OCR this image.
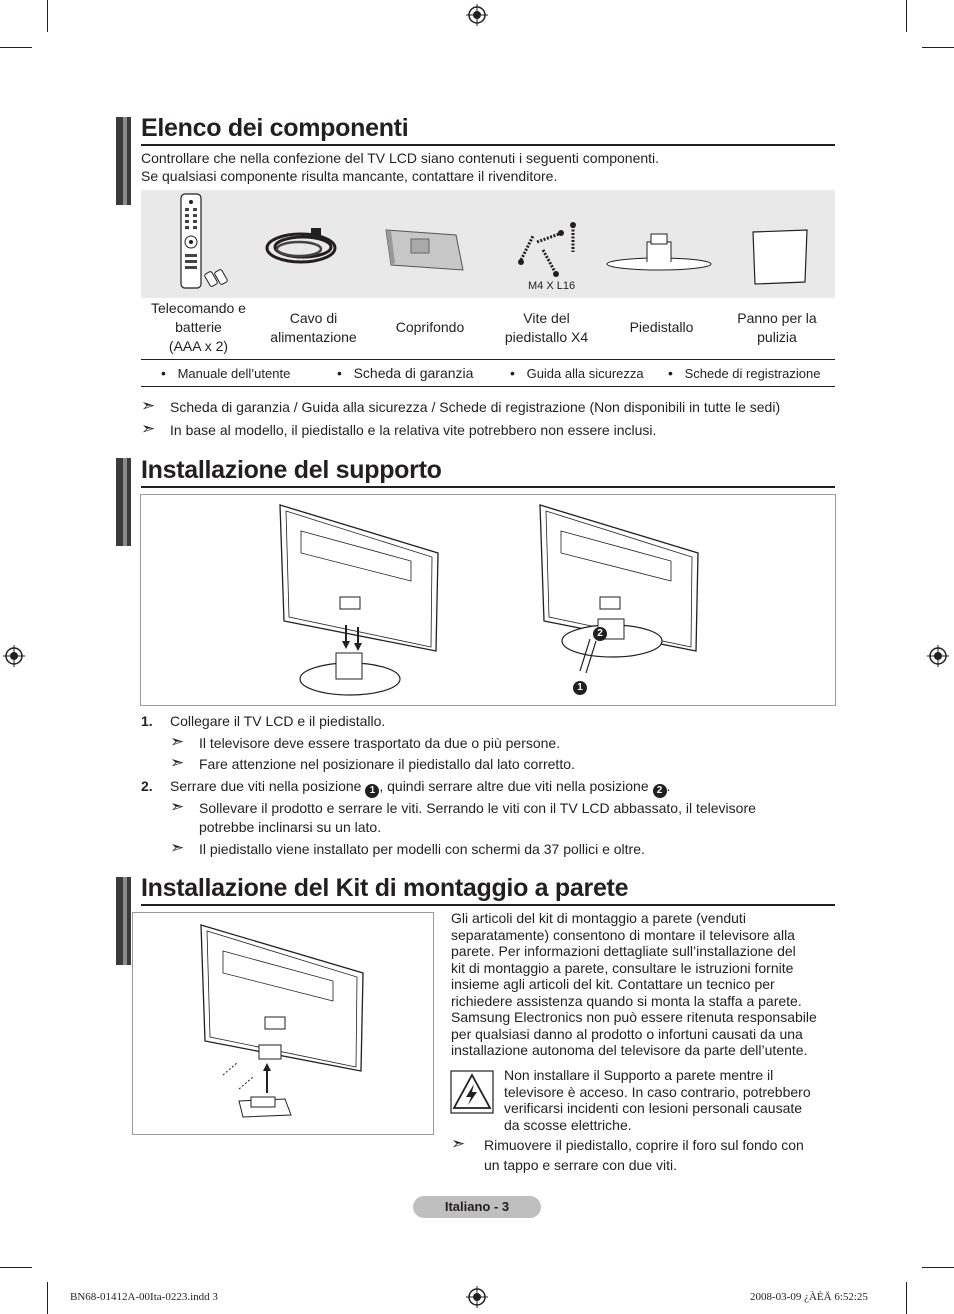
Elenco dei componenti
Controllare che nella confezione del TV LCD siano contenuti i seguenti componenti.
Se qualsiasi componente risulta mancante, contattare il rivenditore.
M4 X L16
Telecomando e
batterie
(AAA x 2)
Cavo di
alimentazione
Coprifondo
Vite del
piedistallo X4
Piedistallo
Panno per la
pulizia
•   Manuale dell’utente	•   Scheda di garanzia	•   Guida alla sicurezza •   Schede di registrazione
➣ Scheda di garanzia / Guida alla sicurezza / Schede di registrazione (Non disponibili in tutte le sedi)
➣ In base al modello, il piedistallo e la relativa vite potrebbero non essere inclusi.
Installazione del supporto
2
1
1. Collegare il TV LCD e il piedistallo.
➣ Il televisore deve essere trasportato da due o più persone.
➣ Fare attenzione nel posizionare il piedistallo dal lato corretto.
2. Serrare due viti nella posizione 1 , quindi serrare altre due viti nella posizione 2 .
➣ Sollevare il prodotto e serrare le viti. Serrando le viti con il TV LCD abbassato, il televisore
potrebbe inclinarsi su un lato.
➣ Il piedistallo viene installato per modelli con schermi da 37 pollici e oltre.
Installazione del Kit di montaggio a parete
Gli articoli del kit di montaggio a parete (venduti
separatamente) consentono di montare il televisore alla
parete. Per informazioni dettagliate sull’installazione del
kit di montaggio a parete, consultare le istruzioni fornite
insieme agli articoli del kit. Contattare un tecnico per
richiedere assistenza quando si monta la staffa a parete.
Samsung Electronics non può essere ritenuta responsabile
per qualsiasi danno al prodotto o infortuni causati da una
installazione autonoma del televisore da parte dell’utente.
Non installare il Supporto a parete mentre il
televisore è acceso. In caso contrario, potrebbero
verificarsi incidenti con lesioni personali causate
da scosse elettriche.
➣ Rimuovere il piedistallo, coprire il foro sul fondo con
un tappo e serrare con due viti.
Italiano - 3
BN68-01412A-00Ita-0223.indd 3	2008-03-09 ¿ÀÈÄ 6:52:25
